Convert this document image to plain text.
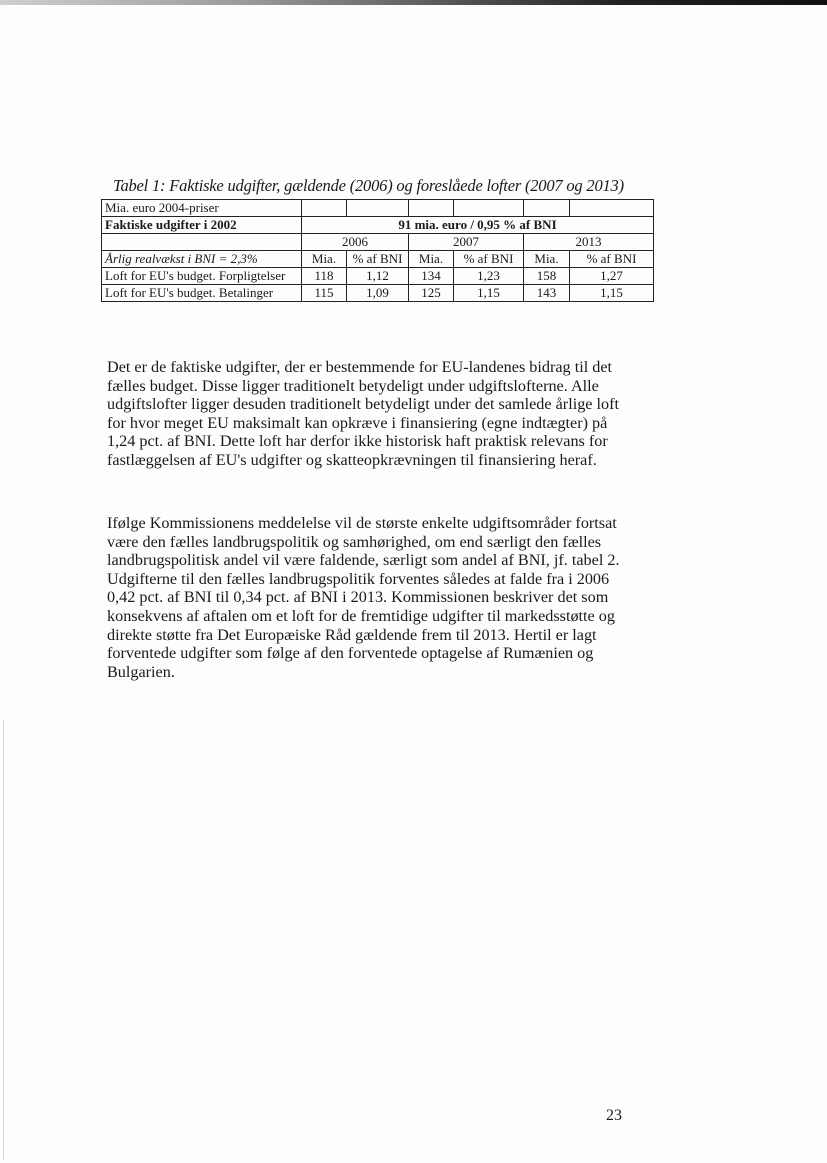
Tabel 1: Faktiske udgifter, gældende (2006) og foreslåede lofter (2007 og 2013)
Mia. euro 2004-priser						
Faktiske udgifter i 2002	91 mia. euro / 0,95 % af BNI					
	2006		2007		2013	
Årlig realvækst i BNI = 2,3%	Mia.	% af BNI	Mia.	% af BNI	Mia.	% af BNI
Loft for EU's budget. Forpligtelser	118	1,12	134	1,23	158	1,27
Loft for EU's budget. Betalinger	115	1,09	125	1,15	143	1,15

Det er de faktiske udgifter, der er bestemmende for EU-landenes bidrag til det fælles budget. Disse ligger traditionelt betydeligt under udgiftslofterne. Alle udgiftslofter ligger desuden traditionelt betydeligt under det samlede årlige loft for hvor meget EU maksimalt kan opkræve i finansiering (egne indtægter) på 1,24 pct. af BNI. Dette loft har derfor ikke historisk haft praktisk relevans for fastlæggelsen af EU's udgifter og skatteopkrævningen til finansiering heraf.

Ifølge Kommissionens meddelelse vil de største enkelte udgiftsområder fortsat være den fælles landbrugspolitik og samhørighed, om end særligt den fælles landbrugspolitisk andel vil være faldende, særligt som andel af BNI, jf. tabel 2. Udgifterne til den fælles landbrugspolitik forventes således at falde fra i 2006 0,42 pct. af BNI til 0,34 pct. af BNI i 2013. Kommissionen beskriver det som konsekvens af aftalen om et loft for de fremtidige udgifter til markedsstøtte og direkte støtte fra Det Europæiske Råd gældende frem til 2013. Hertil er lagt forventede udgifter som følge af den forventede optagelse af Rumænien og Bulgarien.

23
